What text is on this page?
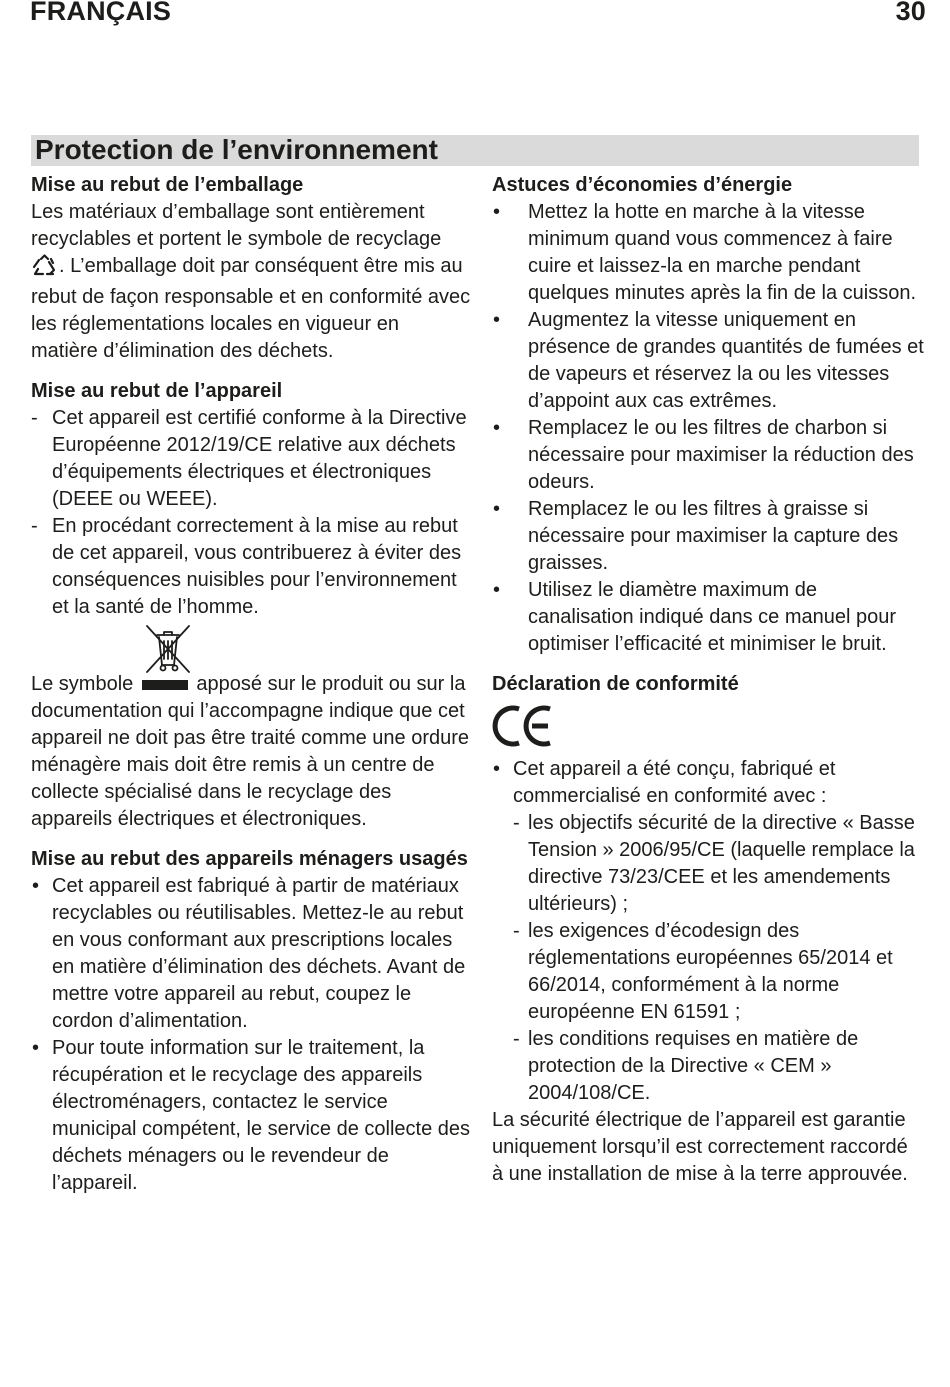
FRANÇAIS	30
Protection de l’environnement
Mise au rebut de l’emballage

Les matériaux d’emballage sont entièrement recyclables et portent le symbole de recyclage . L’emballage doit par conséquent être mis au rebut de façon responsable et en conformité avec les réglementations locales en vigueur en matière d’élimination des déchets.

Mise au rebut de l’appareil
- Cet appareil est certifié conforme à la Directive Européenne 2012/19/CE relative aux déchets d’équipements électriques et électroniques (DEEE ou WEEE).
- En procédant correctement à la mise au rebut de cet appareil, vous contribuerez à éviter des conséquences nuisibles pour l’environnement et la santé de l’homme.

Le symbole	apposé sur le produit ou sur la documentation qui l’accompagne indique que cet appareil ne doit pas être traité comme une ordure ménagère mais doit être remis à un centre de collecte spécialisé dans le recyclage des appareils électriques et électroniques.

Mise au rebut des appareils ménagers usagés
• Cet appareil est fabriqué à partir de matériaux recyclables ou réutilisables. Mettez-le au rebut en vous conformant aux prescriptions locales en matière d’élimination des déchets. Avant de mettre votre appareil au rebut, coupez le cordon d’alimentation.
• Pour toute information sur le traitement, la récupération et le recyclage des appareils électroménagers, contactez le service municipal compétent, le service de collecte des déchets ménagers ou le revendeur de l’appareil.
Astuces d’économies d’énergie
• Mettez la hotte en marche à la vitesse minimum quand vous commencez à faire cuire et laissez-la en marche pendant quelques minutes après la fin de la cuisson.
• Augmentez la vitesse uniquement en présence de grandes quantités de fumées et de vapeurs et réservez la ou les vitesses d’appoint aux cas extrêmes.
• Remplacez le ou les filtres de charbon si nécessaire pour maximiser la réduction des odeurs.
• Remplacez le ou les filtres à graisse si nécessaire pour maximiser la capture des graisses.
• Utilisez le diamètre maximum de canalisation indiqué dans ce manuel pour optimiser l’efficacité et minimiser le bruit.
Déclaration de conformité
• Cet appareil a été conçu, fabriqué et commercialisé en conformité avec :
- les objectifs sécurité de la directive « Basse Tension » 2006/95/CE (laquelle remplace la directive 73/23/CEE et les amendements ultérieurs) ;
- les exigences d’écodesign des réglementations européennes 65/2014 et 66/2014, conformément à la norme européenne EN 61591 ;
- les conditions requises en matière de protection de la Directive « CEM » 2004/108/CE.

La sécurité électrique de l’appareil est garantie uniquement lorsqu’il est correctement raccordé à une installation de mise à la terre approuvée.
